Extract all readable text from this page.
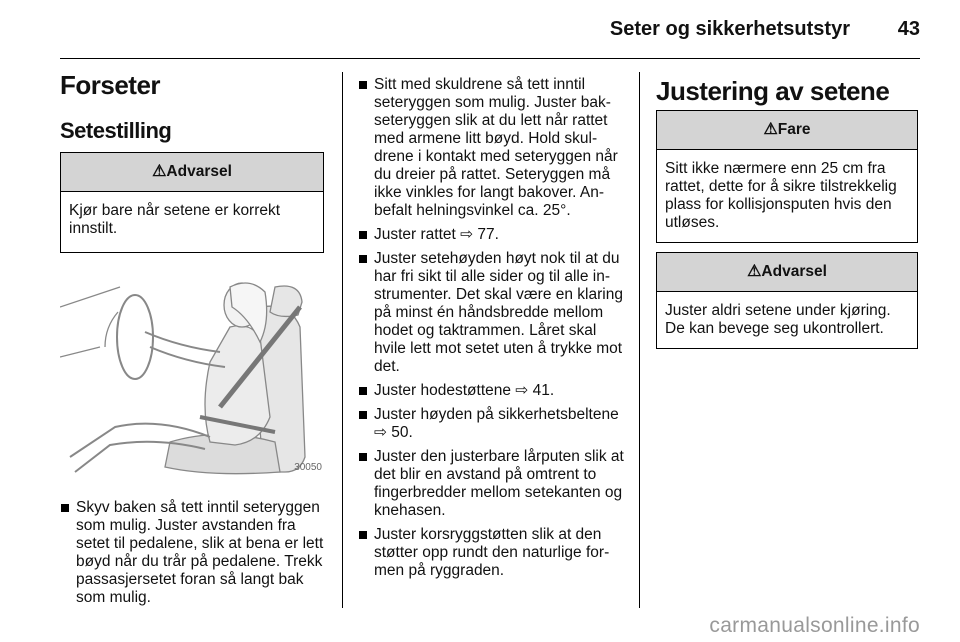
Seter og sikkerhetsutstyr 43
Forseter
Setestilling
⚠Advarsel
Kjør bare når setene er korrekt innstilt.
30050
Skyv baken så tett inntil seteryggen som mulig. Juster avstanden fra setet til pedalene, slik at bena er lett bøyd når du trår på pedalene. Trekk passasjersetet foran så langt bak som mulig.
Sitt med skuldrene så tett inntil seteryggen som mulig. Juster bakseteryggen slik at du lett når rattet med armene litt bøyd. Hold skuldrene i kontakt med seteryggen når du dreier på rattet. Seteryggen må ikke vinkles for langt bakover. Anbefalt helningsvinkel ca. 25°.
Juster rattet ⇨ 77.
Juster setehøyden høyt nok til at du har fri sikt til alle sider og til alle instrumenter. Det skal være en klaring på minst én håndsbredde mellom hodet og taktrammen. Låret skal hvile lett mot setet uten å trykke mot det.
Juster hodestøttene ⇨ 41.
Juster høyden på sikkerhetsbeltene ⇨ 50.
Juster den justerbare lårputen slik at det blir en avstand på omtrent to fingerbredder mellom setekanten og knehasen.
Juster korsryggstøtten slik at den støtter opp rundt den naturlige formen på ryggraden.
Justering av setene
⚠Fare
Sitt ikke nærmere enn 25 cm fra rattet, dette for å sikre tilstrekkelig plass for kollisjonsputen hvis den utløses.
⚠Advarsel
Juster aldri setene under kjøring. De kan bevege seg ukontrollert.
carmanualsonline.info
